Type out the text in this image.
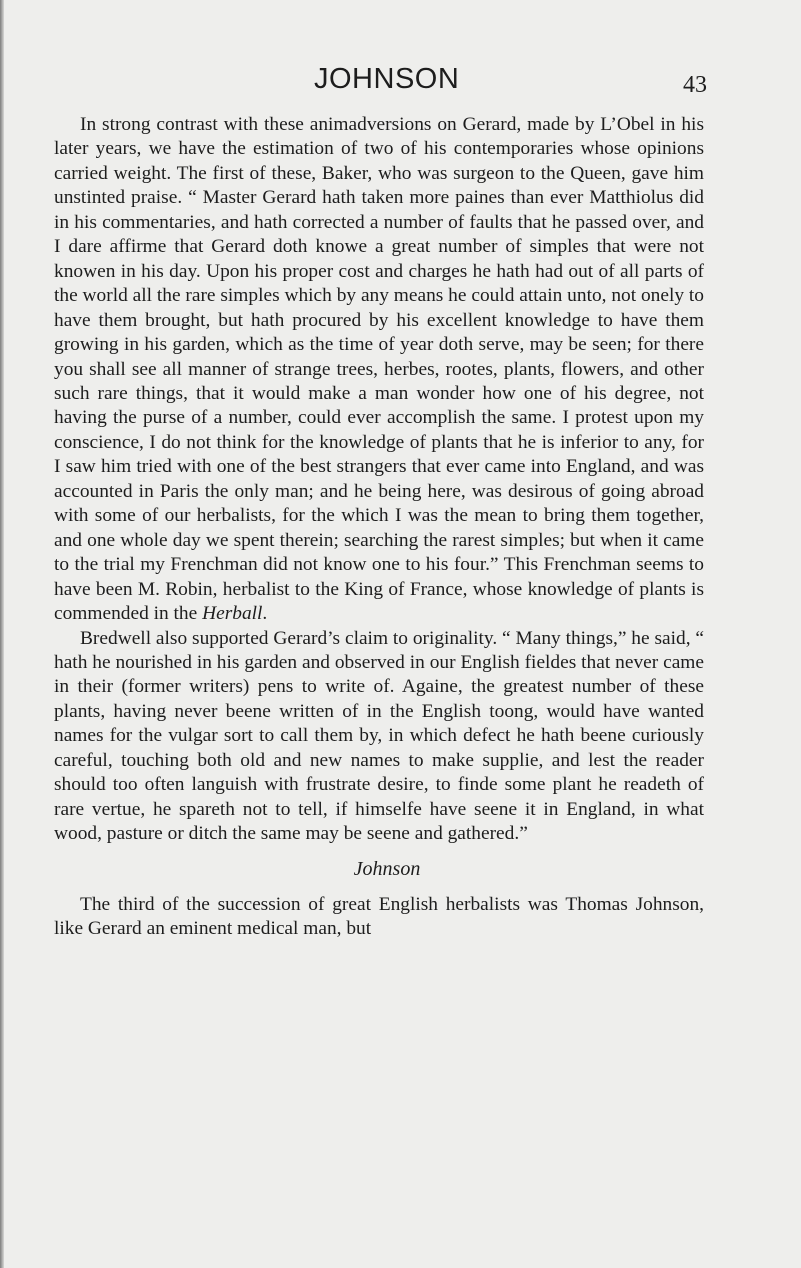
JOHNSON	43

In strong contrast with these animadversions on Gerard, made by L’Obel in his later years, we have the estimation of two of his contemporaries whose opinions carried weight. The first of these, Baker, who was surgeon to the Queen, gave him unstinted praise. “ Master Gerard hath taken more paines than ever Matthiolus did in his commentaries, and hath corrected a number of faults that he passed over, and I dare affirme that Gerard doth knowe a great number of simples that were not knowen in his day. Upon his proper cost and charges he hath had out of all parts of the world all the rare simples which by any means he could attain unto, not onely to have them brought, but hath procured by his excellent knowledge to have them growing in his garden, which as the time of year doth serve, may be seen; for there you shall see all manner of strange trees, herbes, rootes, plants, flowers, and other such rare things, that it would make a man wonder how one of his degree, not having the purse of a number, could ever accomplish the same. I protest upon my conscience, I do not think for the knowledge of plants that he is inferior to any, for I saw him tried with one of the best strangers that ever came into England, and was accounted in Paris the only man; and he being here, was desirous of going abroad with some of our herbalists, for the which I was the mean to bring them together, and one whole day we spent therein; searching the rarest simples; but when it came to the trial my Frenchman did not know one to his four.” This Frenchman seems to have been M. Robin, herbalist to the King of France, whose knowledge of plants is commended in the Herball.

Bredwell also supported Gerard’s claim to originality. “ Many things,” he said, “ hath he nourished in his garden and observed in our English fieldes that never came in their (former writers) pens to write of. Againe, the greatest number of these plants, having never beene written of in the English toong, would have wanted names for the vulgar sort to call them by, in which defect he hath beene curiously careful, touching both old and new names to make supplie, and lest the reader should too often languish with frustrate desire, to finde some plant he readeth of rare vertue, he spareth not to tell, if himselfe have seene it in England, in what wood, pasture or ditch the same may be seene and gathered.”

Johnson

The third of the succession of great English herbalists was Thomas Johnson, like Gerard an eminent medical man, but
